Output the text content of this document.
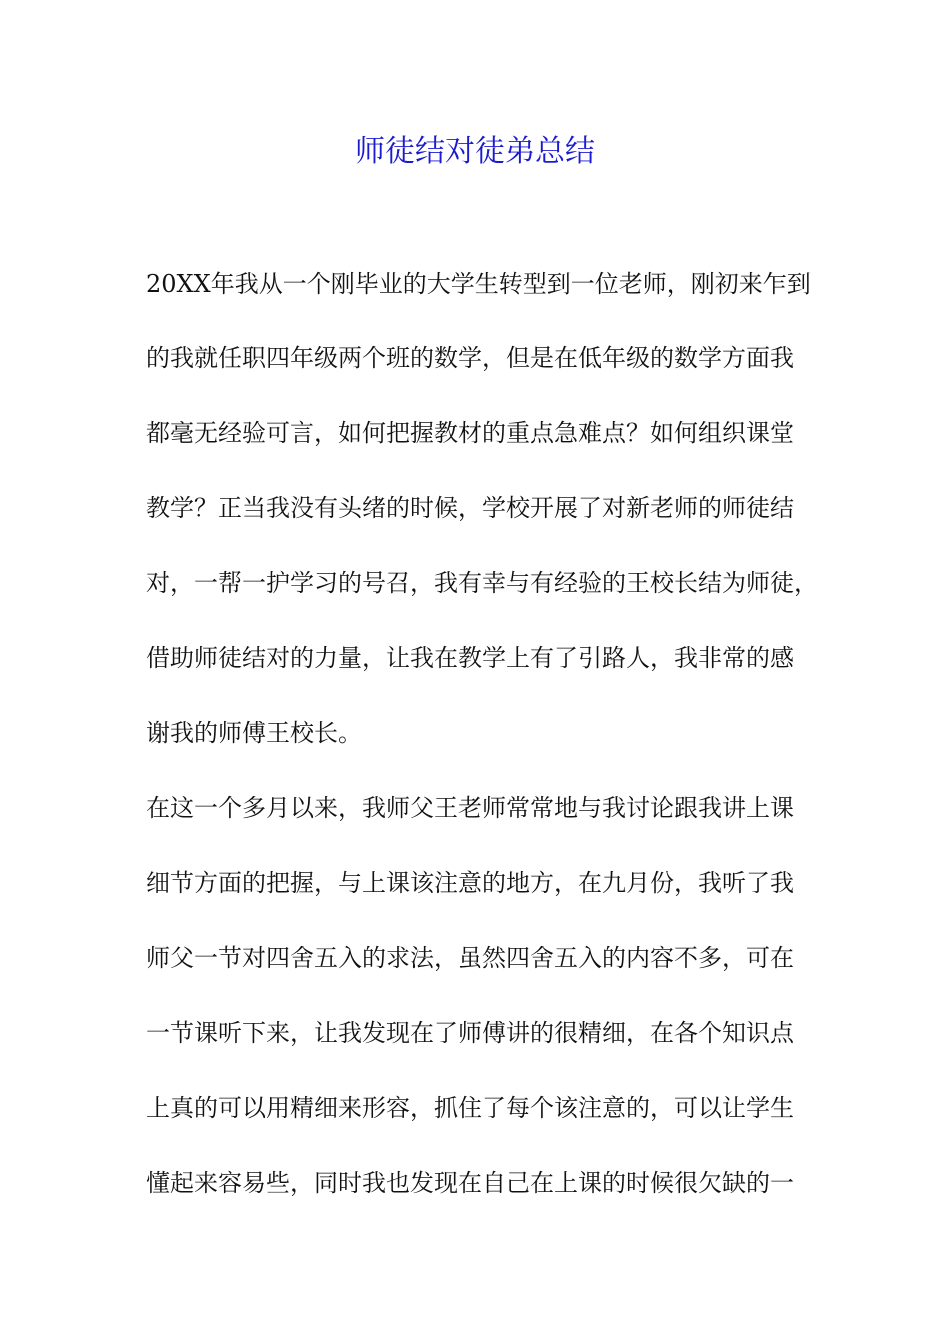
师徒结对徒弟总结
20XX年我从一个刚毕业的大学生转型到一位老师，刚初来乍到
的我就任职四年级两个班的数学，但是在低年级的数学方面我
都毫无经验可言，如何把握教材的重点急难点？如何组织课堂
教学？正当我没有头绪的时候，学校开展了对新老师的师徒结
对，一帮一护学习的号召，我有幸与有经验的王校长结为师徒，
借助师徒结对的力量，让我在教学上有了引路人，我非常的感
谢我的师傅王校长。
在这一个多月以来，我师父王老师常常地与我讨论跟我讲上课
细节方面的把握，与上课该注意的地方，在九月份，我听了我
师父一节对四舍五入的求法，虽然四舍五入的内容不多，可在
一节课听下来，让我发现在了师傅讲的很精细，在各个知识点
上真的可以用精细来形容，抓住了每个该注意的，可以让学生
懂起来容易些，同时我也发现在自己在上课的时候很欠缺的一
